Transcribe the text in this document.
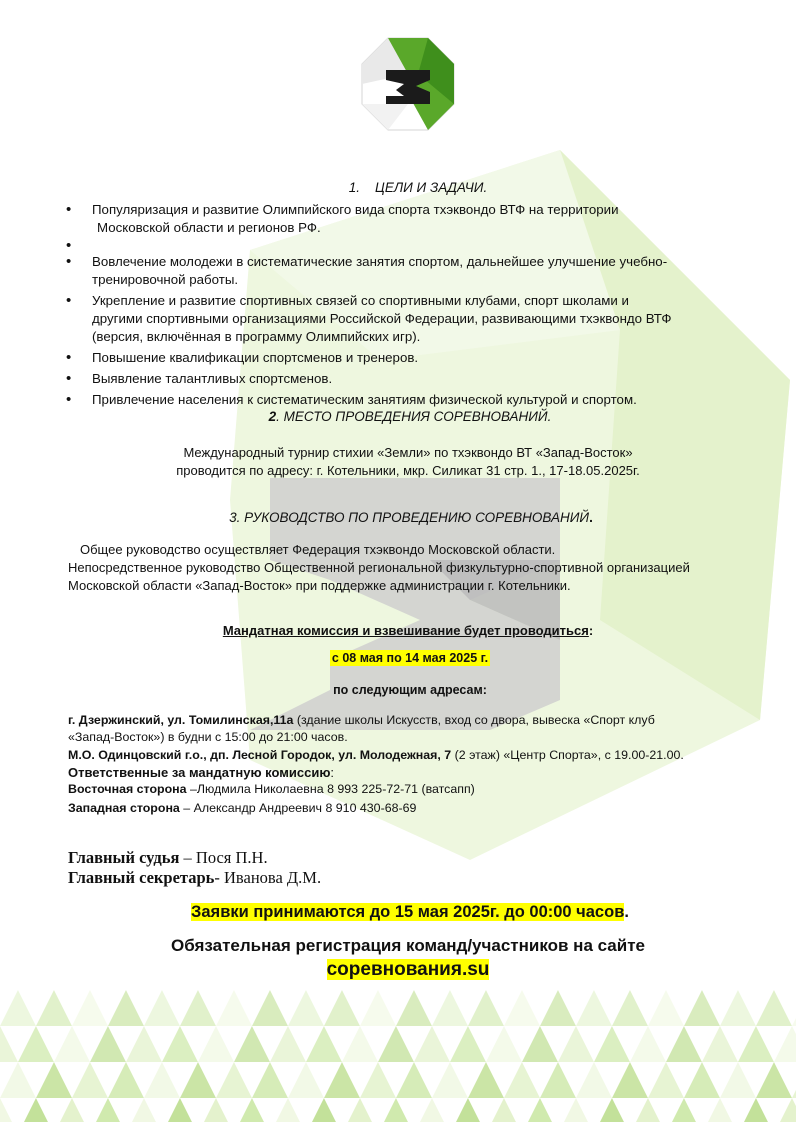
1.    ЦЕЛИ И ЗАДАЧИ.
• Популяризация и развитие Олимпийского вида спорта тхэквондо ВТФ на территории
Московской области и регионов РФ.
•
• Вовлечение молодежи в систематические занятия спортом, дальнейшее улучшение учебно-
тренировочной работы.
• Укрепление и развитие спортивных связей со спортивными клубами, спорт школами и
другими спортивными организациями Российской Федерации, развивающими тхэквондо ВТФ
(версия, включённая в программу Олимпийских игр).
• Повышение квалификации спортсменов и тренеров.
• Выявление талантливых спортсменов.
• Привлечение населения к систематическим занятиям физической культурой и спортом.
2. МЕСТО ПРОВЕДЕНИЯ СОРЕВНОВАНИЙ.
Международный турнир стихии «Земли» по тхэквондо ВТ «Запад-Восток»
проводится по адресу: г. Котельники, мкр. Силикат 31 стр. 1., 17-18.05.2025г.
3. РУКОВОДСТВО ПО ПРОВЕДЕНИЮ СОРЕВНОВАНИЙ.
Общее руководство осуществляет Федерация тхэквондо Московской области.
Непосредственное руководство Общественной региональной физкультурно-спортивной организацией
Московской области «Запад-Восток» при поддержке администрации г. Котельники.
Мандатная комиссия и взвешивание будет проводиться:
с 08 мая по 14 мая 2025 г.
по следующим адресам:
г. Дзержинский, ул. Томилинская,11а (здание школы Искусств, вход со двора, вывеска «Спорт клуб
«Запад-Восток») в будни с 15:00 до 21:00 часов.
М.О. Одинцовский г.о., дп. Лесной Городок, ул. Молодежная, 7 (2 этаж) «Центр Спорта», с 19.00-21.00.
Ответственные за мандатную комиссию:
Восточная сторона –Людмила Николаевна 8 993 225-72-71 (ватсапп)
Западная сторона – Александр Андреевич 8 910 430-68-69
Главный судья – Пося П.Н.
Главный секретарь- Иванова Д.М.
Заявки принимаются до 15 мая 2025г. до 00:00 часов.
Обязательная регистрация команд/участников на сайте
соревнования.su
